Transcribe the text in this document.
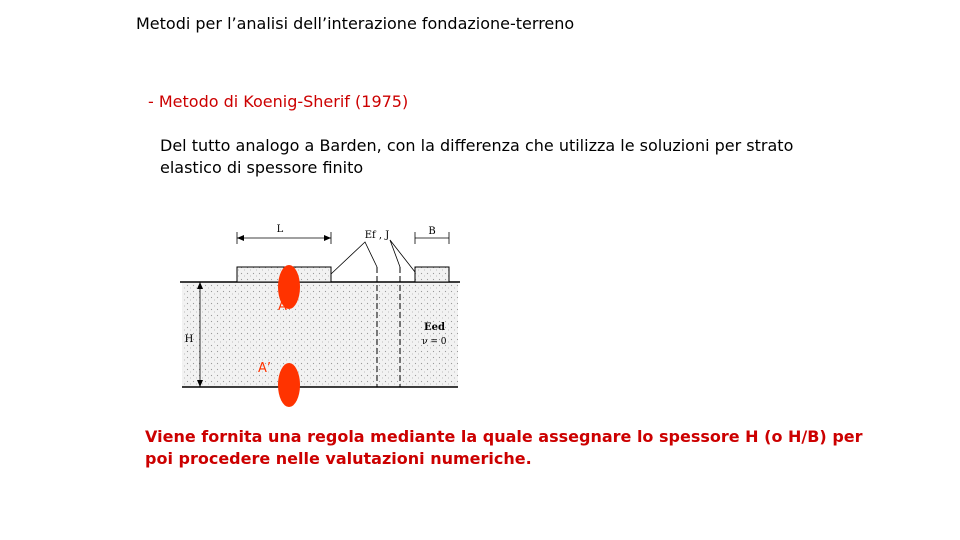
Metodi per l’analisi dell’interazione fondazione-terreno
- Metodo di Koenig-Sherif (1975)
Del tutto analogo a Barden, con la differenza che utilizza le soluzioni per strato elastico di spessore finito
L
Ef , J	B
H
Eed
ν = 0
A
A’
Viene fornita una regola mediante la quale assegnare lo spessore H (o H/B) per poi procedere nelle valutazioni numeriche.
